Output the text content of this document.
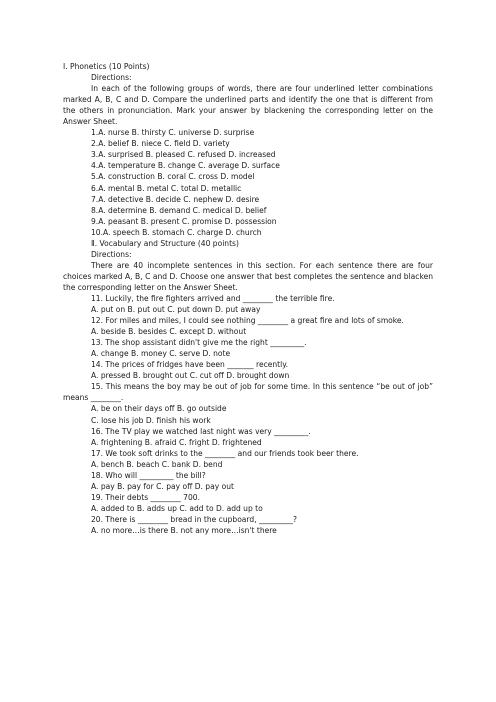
Ⅰ. Phonetics (10 Points)
Directions:
In each of the following groups of words, there are four underlined letter combinations marked A, B, C and D. Compare the underlined parts and identify the one that is different from the others in pronunciation. Mark your answer by blackening the corresponding letter on the Answer Sheet.
1.A. nurse B. thirsty C. universe D. surprise
2.A. belief B. niece C. field D. variety
3.A. surprised B. pleased C. refused D. increased
4.A. temperature B. change C. average D. surface
5.A. construction B. coral C. cross D. model
6.A. mental B. metal C. total D. metallic
7.A. detective B. decide C. nephew D. desire
8.A. determine B. demand C. medical D. belief
9.A. peasant B. present C. promise D. possession
10.A. speech B. stomach C. charge D. church
Ⅱ. Vocabulary and Structure (40 points)
Directions:
There are 40 incomplete sentences in this section. For each sentence there are four choices marked A, B, C and D. Choose one answer that best completes the sentence and blacken the corresponding letter on the Answer Sheet.
11. Luckily, the fire fighters arrived and ________ the terrible fire.
A. put on B. put out C. put down D. put away
12. For miles and miles, I could see nothing ________ a great fire and lots of smoke.
A. beside B. besides C. except D. without
13. The shop assistant didn't give me the right _________.
A. change B. money C. serve D. note
14. The prices of fridges have been _______ recently.
A. pressed B. brought out C. cut off D. brought down
15. This means the boy may be out of job for some time. In this sentence “be out of job” means ________.
A. be on their days off B. go outside
C. lose his job D. finish his work
16. The TV play we watched last night was very _________.
A. frightening B. afraid C. fright D. frightened
17. We took soft drinks to the ________ and our friends took beer there.
A. bench B. beach C. bank D. bend
18. Who will _________ the bill?
A. pay B. pay for C. pay off D. pay out
19. Their debts ________ 700.
A. added to B. adds up C. add to D. add up to
20. There is ________ bread in the cupboard, _________?
A. no more…is there B. not any more…isn't there
